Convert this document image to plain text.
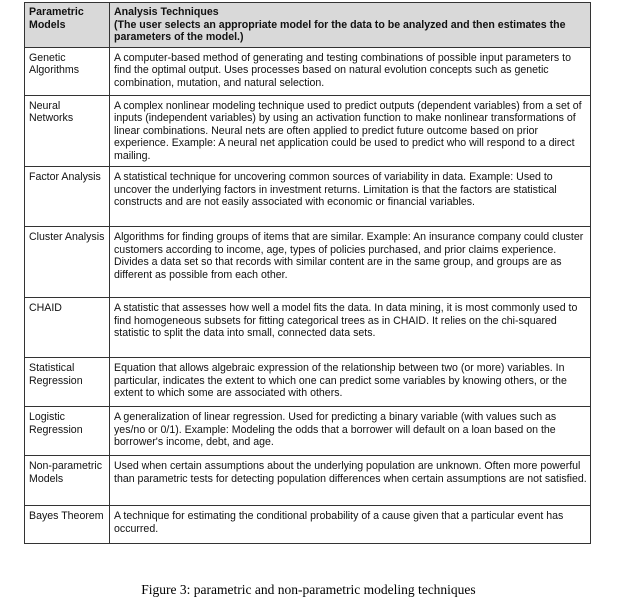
Parametric Models	Analysis Techniques
(The user selects an appropriate model for the data to be analyzed and then estimates the parameters of the model.)

Genetic Algorithms	A computer-based method of generating and testing combinations of possible input parameters to find the optimal output. Uses processes based on natural evolution concepts such as genetic combination, mutation, and natural selection.
Neural Networks	A complex nonlinear modeling technique used to predict outputs (dependent variables) from a set of inputs (independent variables) by using an activation function to make nonlinear transformations of linear combinations. Neural nets are often applied to predict future outcome based on prior experience. Example: A neural net application could be used to predict who will respond to a direct mailing.
Factor Analysis	A statistical technique for uncovering common sources of variability in data. Example: Used to uncover the underlying factors in investment returns. Limitation is that the factors are statistical constructs and are not easily associated with economic or financial variables.
Cluster Analysis	Algorithms for finding groups of items that are similar. Example: An insurance company could cluster customers according to income, age, types of policies purchased, and prior claims experience. Divides a data set so that records with similar content are in the same group, and groups are as different as possible from each other.
CHAID	A statistic that assesses how well a model fits the data. In data mining, it is most commonly used to find homogeneous subsets for fitting categorical trees as in CHAID. It relies on the chi-squared statistic to split the data into small, connected data sets.
Statistical Regression	Equation that allows algebraic expression of the relationship between two (or more) variables. In particular, indicates the extent to which one can predict some variables by knowing others, or the extent to which some are associated with others.
Logistic Regression	A generalization of linear regression. Used for predicting a binary variable (with values such as yes/no or 0/1). Example: Modeling the odds that a borrower will default on a loan based on the borrower's income, debt, and age.
Non-parametric Models	Used when certain assumptions about the underlying population are unknown. Often more powerful than parametric tests for detecting population differences when certain assumptions are not satisfied.
Bayes Theorem	A technique for estimating the conditional probability of a cause given that a particular event has occurred.
Figure 3: parametric and non-parametric modeling techniques
